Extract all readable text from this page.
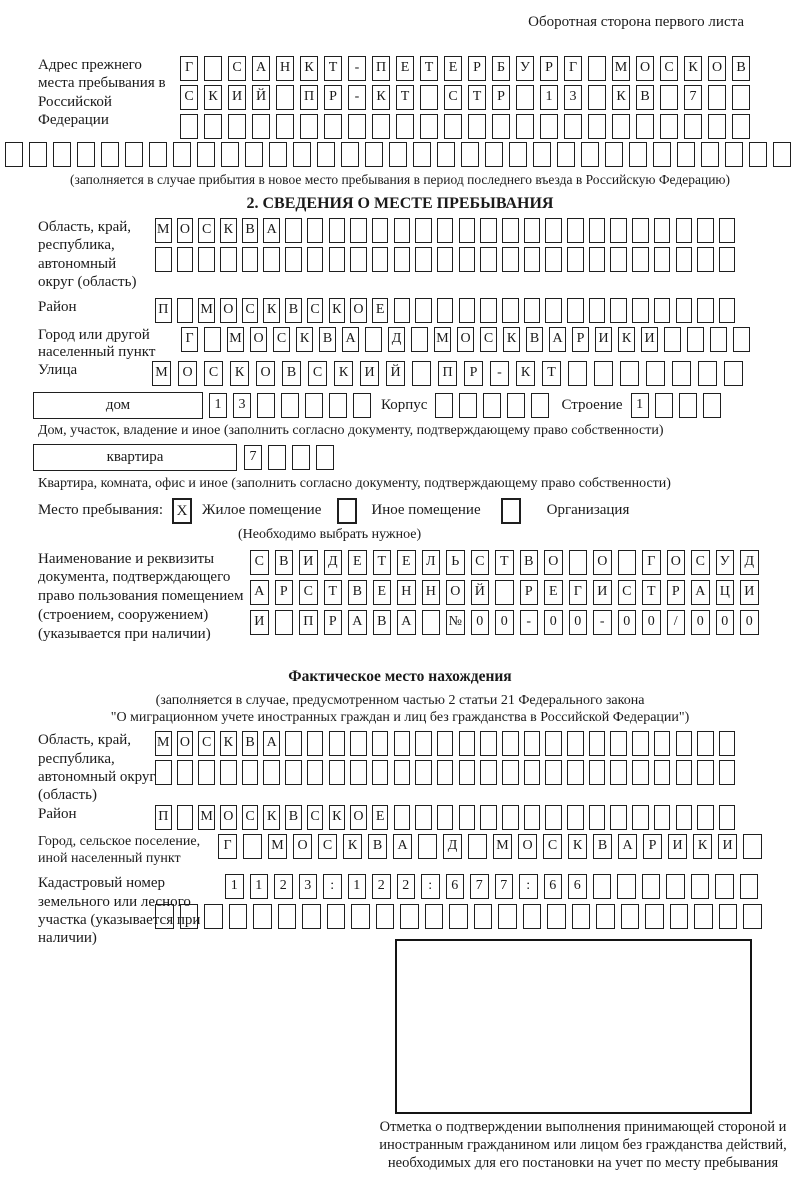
Оборотная сторона первого листа
Адрес прежнего места пребывания в Российской Федерации
Г	С	А Н	К	Т	-	П	Е	Т	Е	Р	Б	У	Р	Г	М О	С	К	О	В
С	К	И Й	П	Р	-	К	Т	С	Т	Р	1	3	К	В	7
(заполняется в случае прибытия в новое место пребывания в период последнего въезда в Российскую Федерацию)
2. СВЕДЕНИЯ О МЕСТЕ ПРЕБЫВАНИЯ
Область, край, республика, автономный округ (область)
М О С К В А
Район	П М О С К В С К О Е
Город или другой населенный пункт
Г	М О С К В А	Д М О С К В А	Р	И К И
Улица	М	О	С	К	О	В	С	К	И	Й	П	Р	-	К	Т
дом	1	3	Корпус	Строение 1
Дом, участок, владение и иное (заполнить согласно документу, подтверждающему право собственности)
квартира	7
Квартира, комната, офис и иное (заполнить согласно документу, подтверждающему право собственности)
Место пребывания: X Жилое помещение	Иное помещение	Организация
(Необходимо выбрать нужное)
Наименование и реквизиты документа, подтверждающего право пользования помещением (строением, сооружением) (указывается при наличии)
С	В	И	Д	Е	Т	Е	Л	Ь	С	Т	В	О	О	Г	О	С	У	Д
А	Р	С	Т	В	Е	Н Н О Й	Р	Е	Г	И	С	Т	Р	А Ц И
И	П	Р	А	В	А	№	0	0	-	0	0	-	0	0	/	0	0	0
Фактическое место нахождения
(заполняется в случае, предусмотренном частью 2 статьи 21 Федерального закона
"О миграционном учете иностранных граждан и лиц без гражданства в Российской Федерации")
Область, край, республика, автономный округ (область)
М О С К В А
Район	П М О С К В С К О Е
Город, сельское поселение, иной населенный пункт
Г	М О	С	К	В	А	Д	М О	С	К	В	А	Р	И	К	И
Кадастровый номер земельного или лесного участка (указывается при наличии)
1	1	2	3	:	1	2	2	:	6	7	7	:	6	6
Отметка о подтверждении выполнения принимающей стороной и иностранным гражданином или лицом без гражданства действий, необходимых для его постановки на учет по месту пребывания
